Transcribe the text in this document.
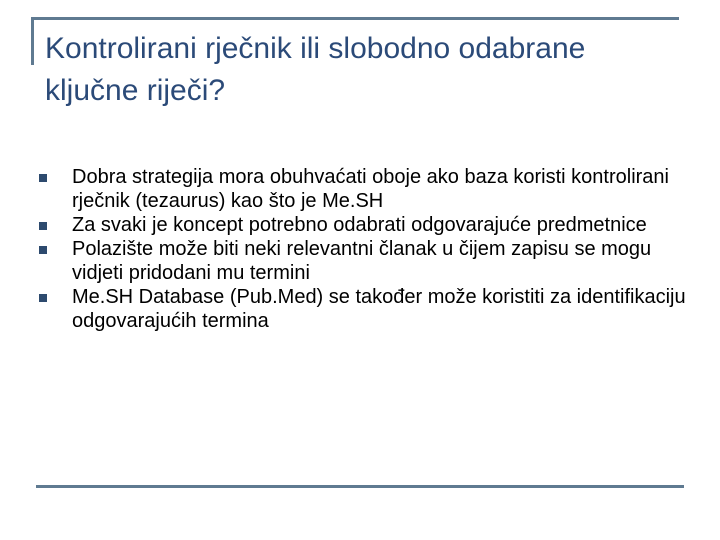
Kontrolirani rječnik ili slobodno odabrane ključne riječi?
Dobra strategija mora obuhvaćati oboje ako baza koristi kontrolirani rječnik (tezaurus) kao što je Me.SH
Za svaki je koncept potrebno odabrati odgovarajuće predmetnice
Polazište može biti neki relevantni članak u čijem zapisu se mogu vidjeti pridodani mu termini
Me.SH Database (Pub.Med) se također može koristiti za identifikaciju odgovarajućih termina
